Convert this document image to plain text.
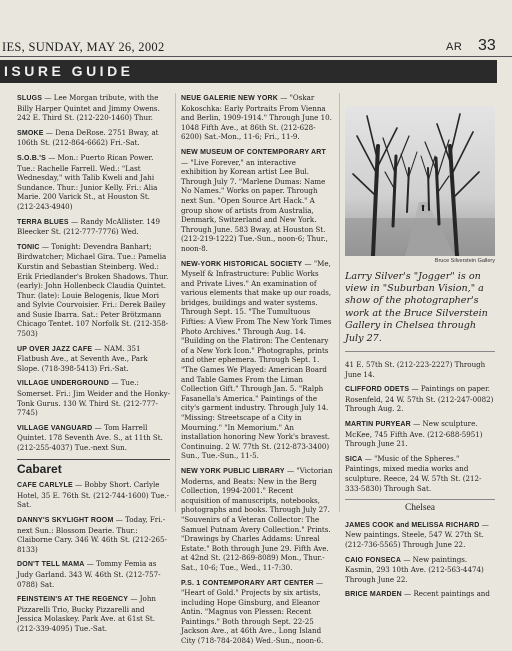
IES, SUNDAY, MAY 26, 2002	AR 33
ISURE GUIDE

SLUGS — Lee Morgan tribute, with the Billy Harper Quintet and Jimmy Owens. 242 E. Third St. (212-220-1460) Thur.

SMOKE — Dena DeRose. 2751 Bway, at 106th St. (212-864-6662) Fri.-Sat.

S.O.B.'S — Mon.: Puerto Rican Power. Tue.: Rachelle Farrell. Wed.: "Last Wednesday," with Talib Kweli and Jahi Sundance. Thur.: Junior Kelly. Fri.: Alia Marie. 200 Varick St., at Houston St. (212-243-4940)

TERRA BLUES — Randy McAllister. 149 Bleecker St. (212-777-7776) Wed.

TONIC — Tonight: Devendra Banhart; Birdwatcher; Michael Gira. Tue.: Pamelia Kurstin and Sebastian Steinberg. Wed.: Erik Friedlander's Broken Shadows. Thur. (early): John Hollenbeck Claudia Quintet. Thur. (late): Louie Belogenis, Ikue Mori and Sylvie Courvoisier. Fri.: Derek Bailey and Susie Ibarra. Sat.: Peter Brötzmann Chicago Tentet. 107 Norfolk St. (212-358-7503)

UP OVER JAZZ CAFE — NAM. 351 Flatbush Ave., at Seventh Ave., Park Slope. (718-398-5413) Fri.-Sat.

VILLAGE UNDERGROUND — Tue.: Somerset. Fri.: Jim Weider and the Honky-Tonk Gurus. 130 W. Third St. (212-777-7745)

VILLAGE VANGUARD — Tom Harrell Quintet. 178 Seventh Ave. S., at 11th St. (212-255-4037) Tue.-next Sun.

Cabaret

CAFE CARLYLE — Bobby Short. Carlyle Hotel, 35 E. 76th St. (212-744-1600) Tue.-Sat.

DANNY'S SKYLIGHT ROOM — Today, Fri.-next Sun.: Blossom Dearie. Thur.: Claiborne Cary. 346 W. 46th St. (212-265-8133)

DON'T TELL MAMA — Tommy Femia as Judy Garland. 343 W. 46th St. (212-757-0788) Sat.

FEINSTEIN'S AT THE REGENCY — John Pizzarelli Trio, Bucky Pizzarelli and Jessica Molaskey. Park Ave. at 61st St. (212-339-4095) Tue.-Sat.

NEUE GALERIE NEW YORK — "Oskar Kokoschka: Early Portraits From Vienna and Berlin, 1909-1914." Through June 10. 1048 Fifth Ave., at 86th St. (212-628-6200) Sat.-Mon., 11-6; Fri., 11-9.

NEW MUSEUM OF CONTEMPORARY ART — "Live Forever," an interactive exhibition by Korean artist Lee Bul. Through July 7. "Marlene Dumas: Name No Names." Works on paper. Through next Sun. "Open Source Art Hack." A group show of artists from Australia, Denmark, Switzerland and New York. Through June. 583 Bway, at Houston St. (212-219-1222) Tue.-Sun., noon-6; Thur., noon-8.

NEW-YORK HISTORICAL SOCIETY — "Me, Myself & Infrastructure: Public Works and Private Lives." An examination of various elements that make up our roads, bridges, buildings and water systems. Through Sept. 15. "The Tumultuous Fifties: A View From The New York Times Photo Archives." Through Aug. 14. "Building on the Flatiron: The Centenary of a New York Icon." Photographs, prints and other ephemera. Through Sept. 1. "The Games We Played: American Board and Table Games From the Liman Collection Gift." Through Jan. 5. "Ralph Fasanella's America." Paintings of the city's garment industry. Through July 14. "Missing: Streetscape of a City in Mourning." "In Memorium." An installation honoring New York's bravest. Continuing. 2 W. 77th St. (212-873-3400) Sun., Tue.-Sun., 11-5.

NEW YORK PUBLIC LIBRARY — "Victorian Moderns, and Beats: New in the Berg Collection, 1994-2001." Recent acquisition of manuscripts, notebooks, photographs and books. Through July 27. "Souvenirs of a Veteran Collector: The Samuel Putnam Avery Collection." Prints. "Drawings by Charles Addams: Unreal Estate." Both through June 29. Fifth Ave. at 42nd St. (212-869-8089) Mon., Thur.-Sat., 10-6; Tue., Wed., 11-7:30.

P.S. 1 CONTEMPORARY ART CENTER — "Heart of Gold." Projects by six artists, including Hope Ginsburg, and Eleanor Antin. "Magnus von Plessen: Recent Paintings." Both through Sept. 22-25 Jackson Ave., at 46th Ave., Long Island City (718-784-2084) Wed.-Sun., noon-6.

Bruce Silverstein Gallery
Larry Silver's "Jogger" is on view in "Suburban Vision," a show of the photographer's work at the Bruce Silverstein Gallery in Chelsea through July 27.

41 E. 57th St. (212-223-2227) Through June 14.

CLIFFORD ODETS — Paintings on paper. Rosenfeld, 24 W. 57th St. (212-247-0082) Through Aug. 2.

MARTIN PURYEAR — New sculpture. McKee, 745 Fifth Ave. (212-688-5951) Through June 21.

SICA — "Music of the Spheres." Paintings, mixed media works and sculpture. Reece, 24 W. 57th St. (212-333-5830) Through Sat.

Chelsea

JAMES COOK and MELISSA RICHARD — New paintings. Steele, 547 W. 27th St. (212-736-5565) Through June 22.

CAIO FONSECA — New paintings. Kasmin, 293 10th Ave. (212-563-4474) Through June 22.

BRICE MARDEN — Recent paintings and
